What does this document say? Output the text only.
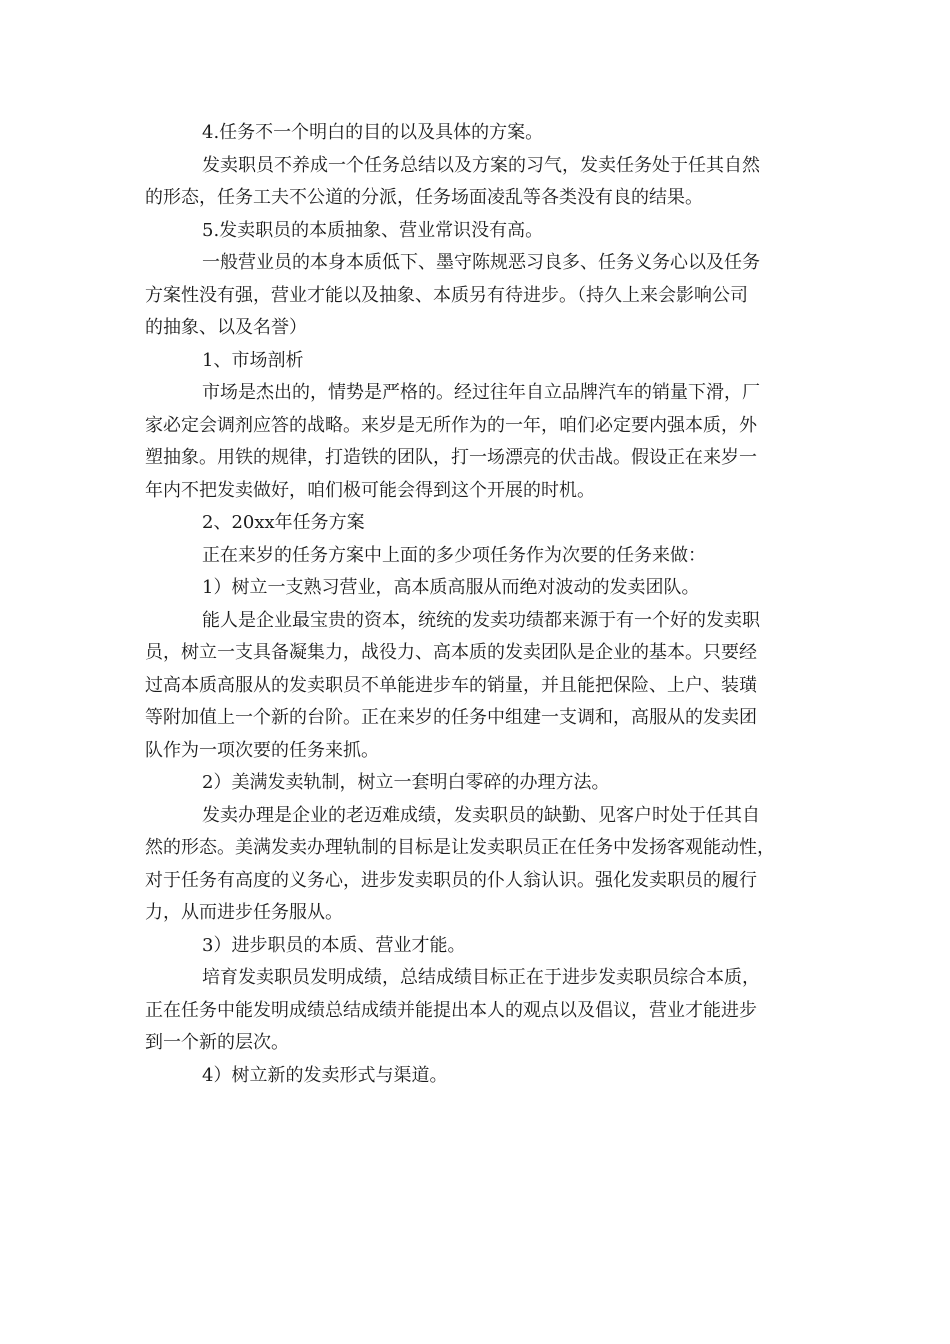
4.任务不一个明白的目的以及具体的方案。
发卖职员不养成一个任务总结以及方案的习气，发卖任务处于任其自然
的形态，任务工夫不公道的分派，任务场面凌乱等各类没有良的结果。
5.发卖职员的本质抽象、营业常识没有高。
一般营业员的本身本质低下、墨守陈规恶习良多、任务义务心以及任务
方案性没有强，营业才能以及抽象、本质另有待进步。（持久上来会影响公司
的抽象、以及名誉）
1、市场剖析
市场是杰出的，情势是严格的。经过往年自立品牌汽车的销量下滑，厂
家必定会调剂应答的战略。来岁是无所作为的一年，咱们必定要内强本质，外
塑抽象。用铁的规律，打造铁的团队，打一场漂亮的伏击战。假设正在来岁一
年内不把发卖做好，咱们极可能会得到这个开展的时机。
2、20xx年任务方案
正在来岁的任务方案中上面的多少项任务作为次要的任务来做：
1）树立一支熟习营业，高本质高服从而绝对波动的发卖团队。
能人是企业最宝贵的资本，统统的发卖功绩都来源于有一个好的发卖职
员，树立一支具备凝集力，战役力、高本质的发卖团队是企业的基本。只要经
过高本质高服从的发卖职员不单能进步车的销量，并且能把保险、上户、装璜
等附加值上一个新的台阶。正在来岁的任务中组建一支调和，高服从的发卖团
队作为一项次要的任务来抓。
2）美满发卖轨制，树立一套明白零碎的办理方法。
发卖办理是企业的老迈难成绩，发卖职员的缺勤、见客户时处于任其自
然的形态。美满发卖办理轨制的目标是让发卖职员正在任务中发扬客观能动性，
对于任务有高度的义务心，进步发卖职员的仆人翁认识。强化发卖职员的履行
力，从而进步任务服从。
3）进步职员的本质、营业才能。
培育发卖职员发明成绩，总结成绩目标正在于进步发卖职员综合本质，
正在任务中能发明成绩总结成绩并能提出本人的观点以及倡议，营业才能进步
到一个新的层次。
4）树立新的发卖形式与渠道。
